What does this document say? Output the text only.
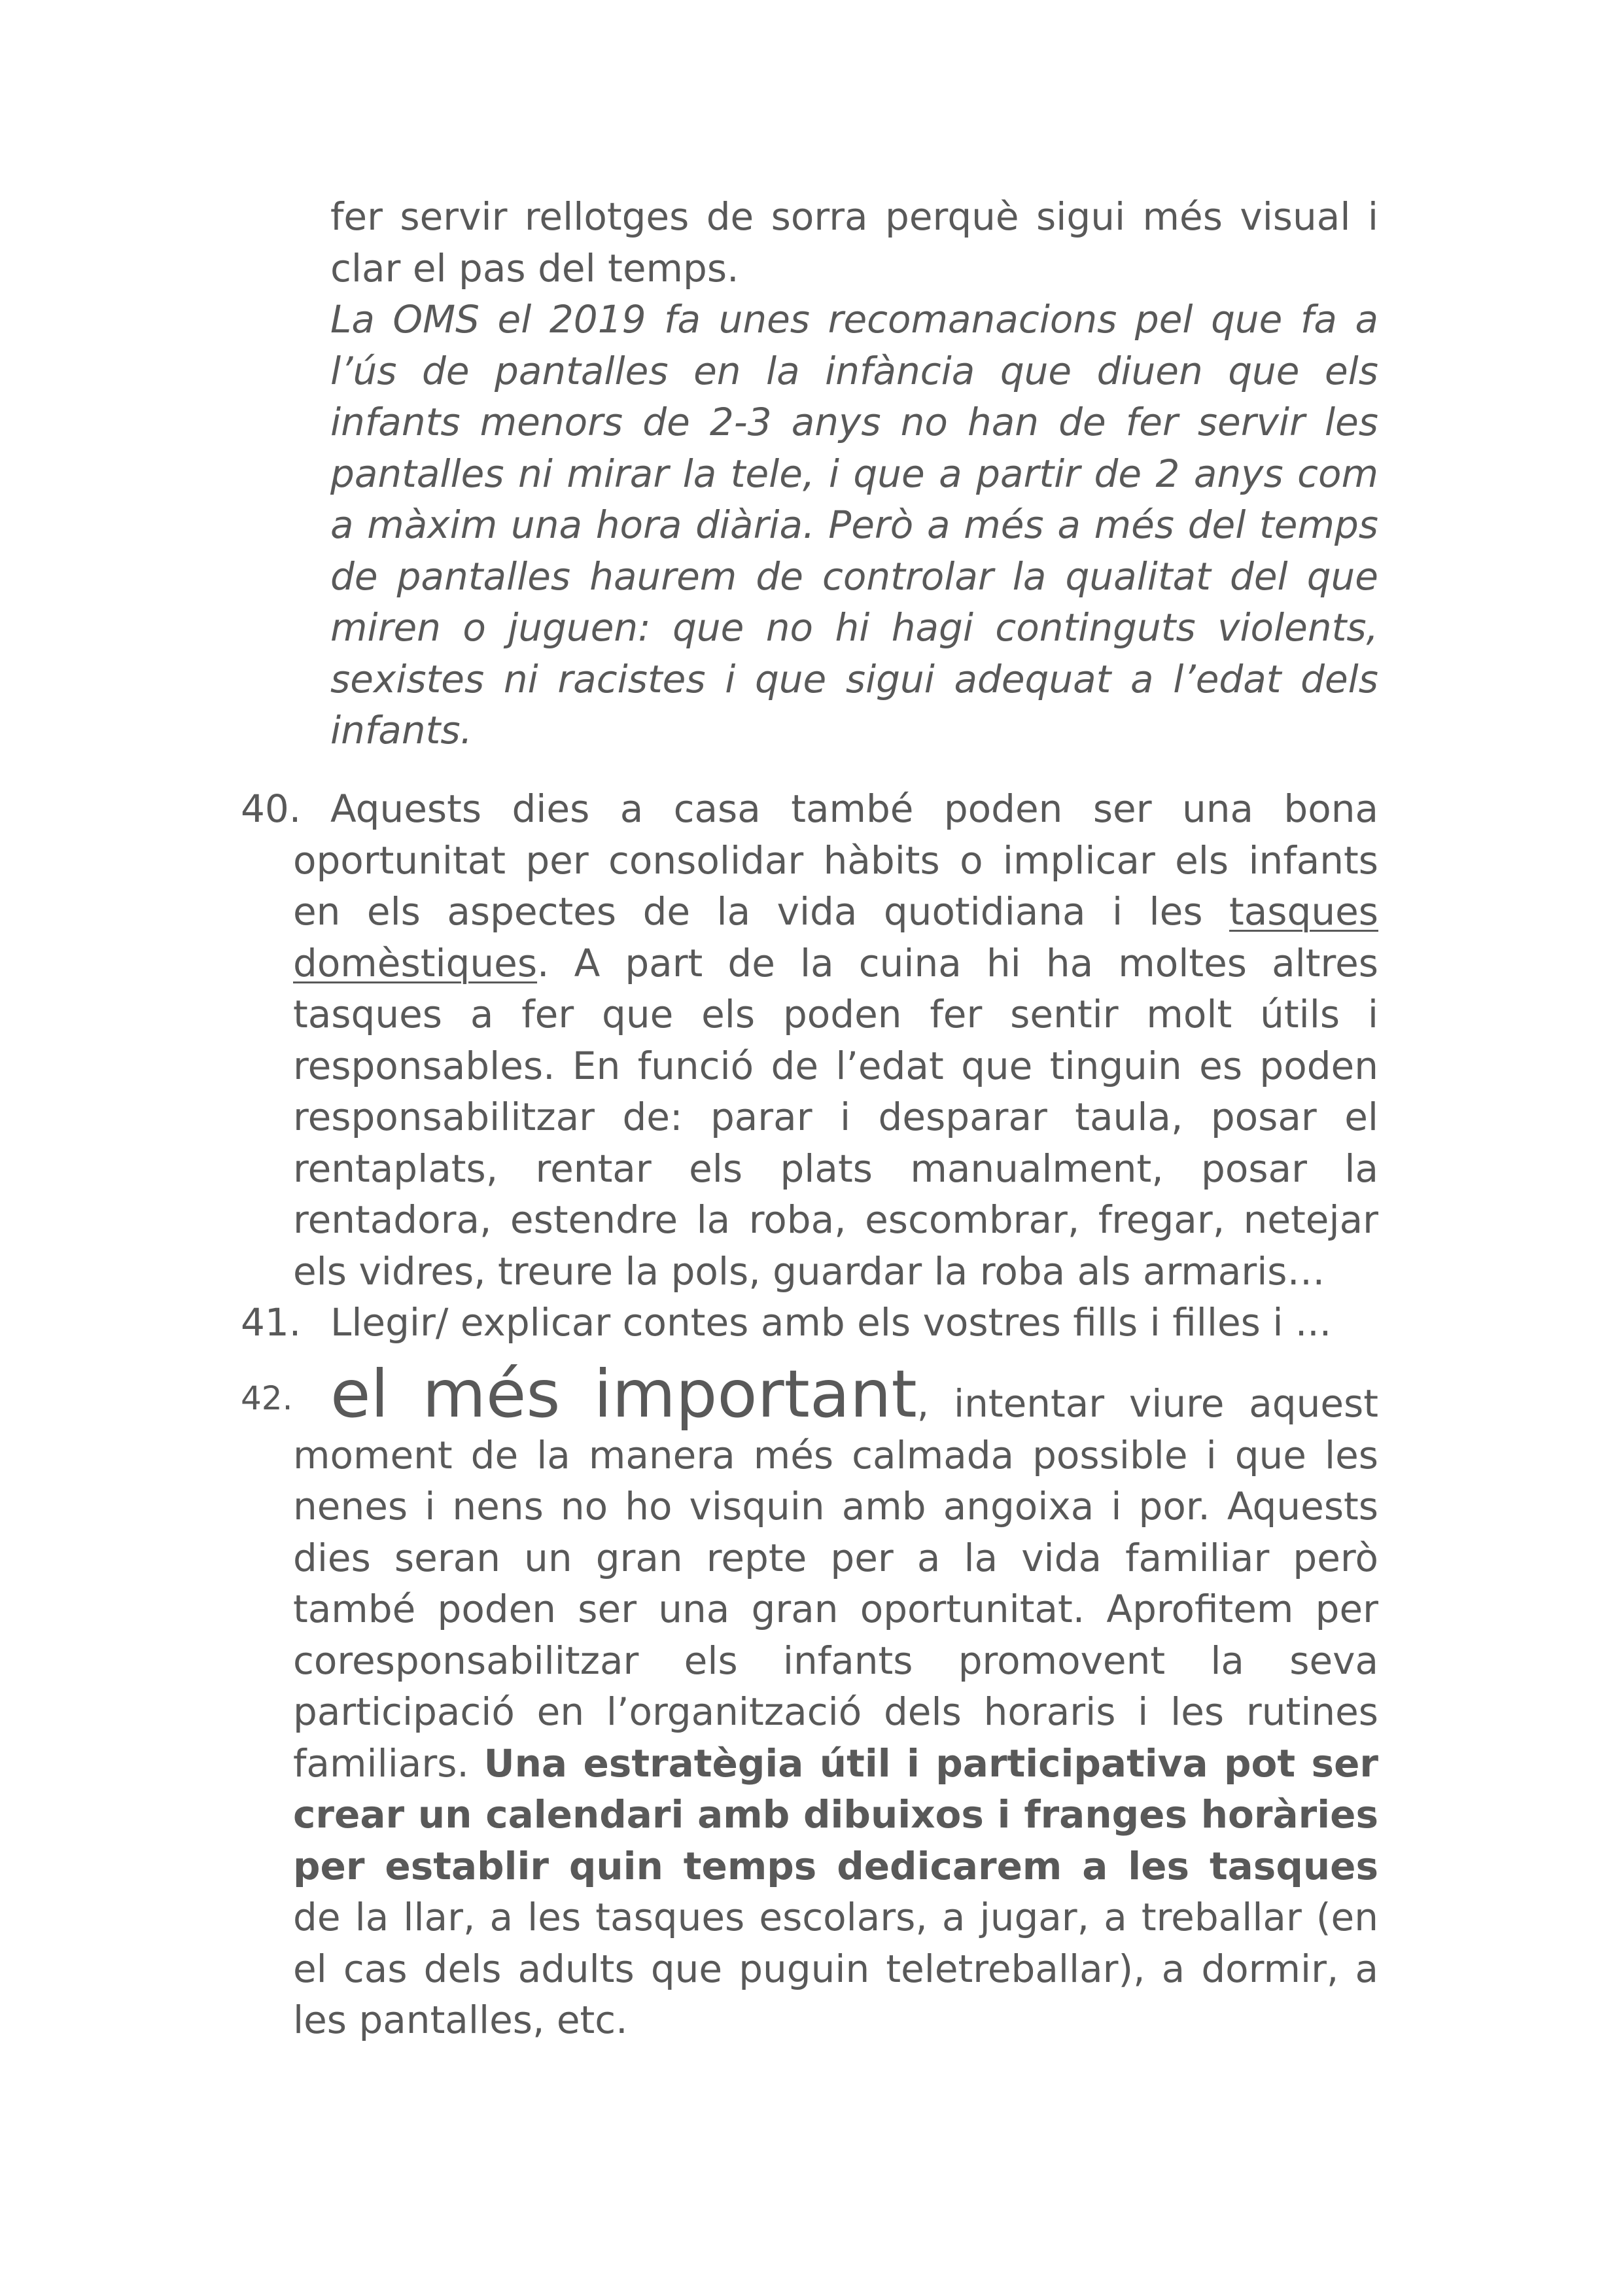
fer servir rellotges de sorra perquè sigui més visual i clar el pas del temps.

La OMS el 2019 fa unes recomanacions pel que fa a l’ús de pantalles en la infància que diuen que els infants menors de 2-3 anys no han de fer servir les pantalles ni mirar la tele, i que a partir de 2 anys com a màxim una hora diària. Però a més a més del temps de pantalles haurem de controlar la qualitat del que miren o juguen: que no hi hagi continguts violents, sexistes ni racistes i que sigui adequat a l’edat dels infants.

40. Aquests dies a casa també poden ser una bona oportunitat per consolidar hàbits o implicar els infants en els aspectes de la vida quotidiana i les tasques domèstiques. A part de la cuina hi ha moltes altres tasques a fer que els poden fer sentir molt útils i responsables. En funció de l’edat que tinguin es poden responsabilitzar de: parar i desparar taula, posar el rentaplats, rentar els plats manualment, posar la rentadora, estendre la roba, escombrar, fregar, netejar els vidres, treure la pols, guardar la roba als armaris…
41. Llegir/ explicar contes amb els vostres fills i filles i ...
42. el més important, intentar viure aquest moment de la manera més calmada possible i que les nenes i nens no ho visquin amb angoixa i por. Aquests dies seran un gran repte per a la vida familiar però també poden ser una gran oportunitat. Aprofitem per coresponsabilitzar els infants promovent la seva participació en l’organització dels horaris i les rutines familiars. Una estratègia útil i participativa pot ser crear un calendari amb dibuixos i franges horàries per establir quin temps dedicarem a les tasques de la llar, a les tasques escolars, a jugar, a treballar (en el cas dels adults que puguin teletreballar), a dormir, a les pantalles, etc.
